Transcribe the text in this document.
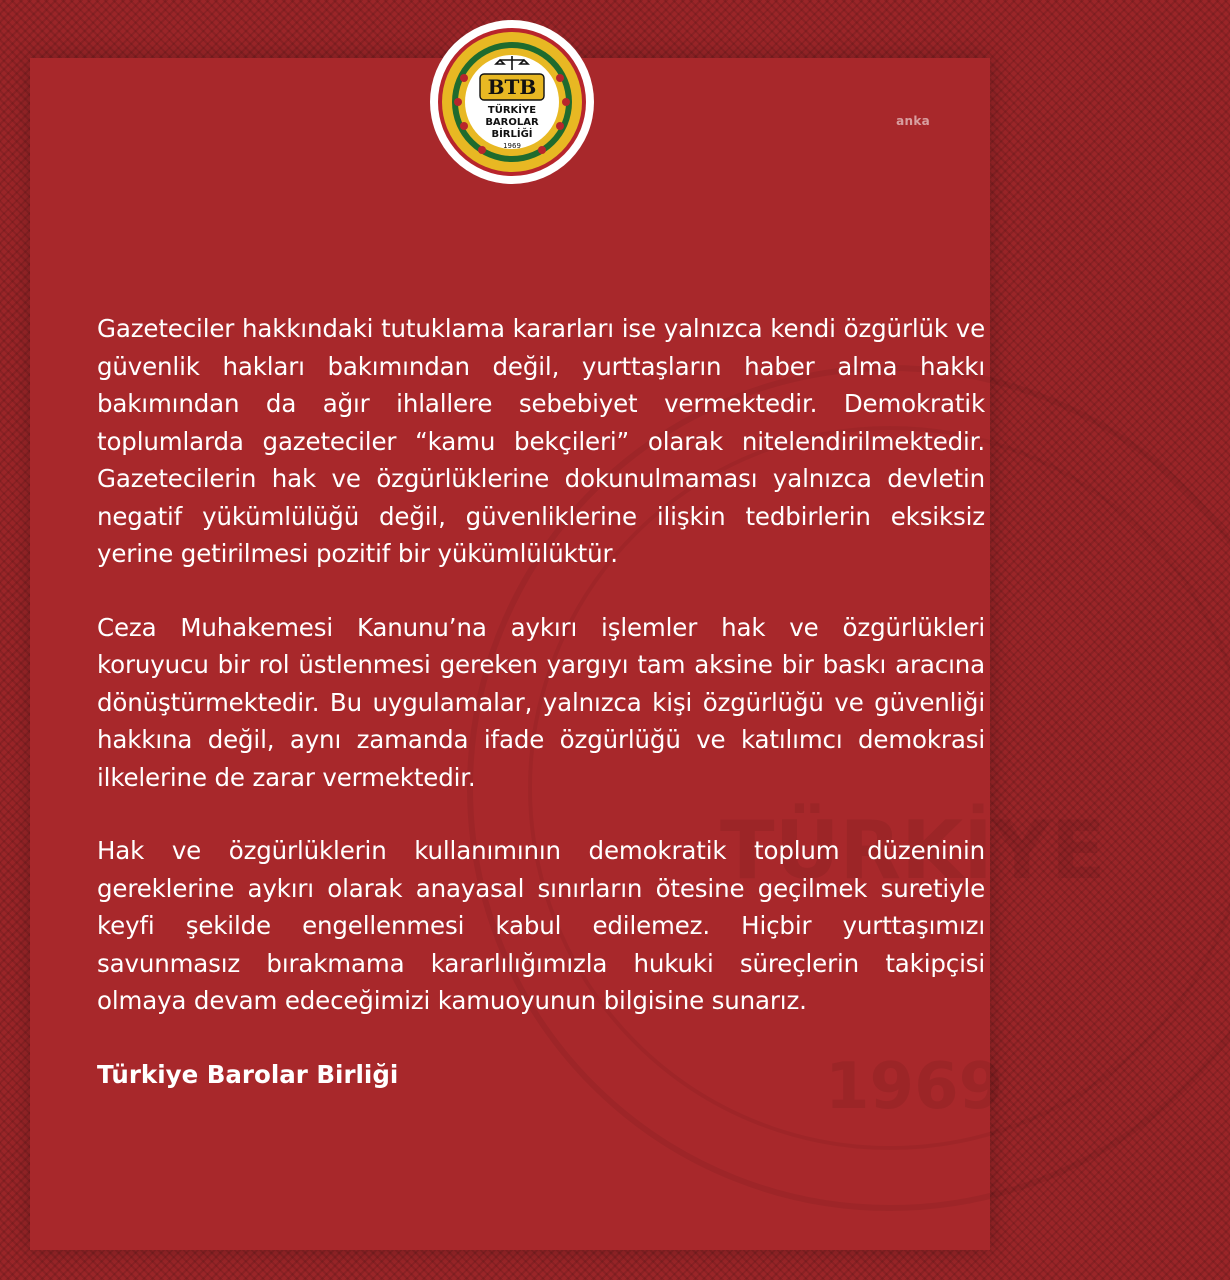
TÜRKİYE
1969
anka

Gazeteciler hakkındaki tutuklama kararları ise yalnızca kendi özgürlük ve güvenlik hakları bakımından değil, yurttaşların haber alma hakkı bakımından da ağır ihlallere sebebiyet vermektedir. Demokratik toplumlarda gazeteciler “kamu bekçileri” olarak nitelendirilmektedir. Gazetecilerin hak ve özgürlüklerine dokunulmaması yalnızca devletin negatif yükümlülüğü değil, güvenliklerine ilişkin tedbirlerin eksiksiz yerine getirilmesi pozitif bir yükümlülüktür.

Ceza Muhakemesi Kanunu’na aykırı işlemler hak ve özgürlükleri koruyucu bir rol üstlenmesi gereken yargıyı tam aksine bir baskı aracına dönüştürmektedir. Bu uygulamalar, yalnızca kişi özgürlüğü ve güvenliği hakkına değil, aynı zamanda ifade özgürlüğü ve katılımcı demokrasi ilkelerine de zarar vermektedir.

Hak ve özgürlüklerin kullanımının demokratik toplum düzeninin gereklerine aykırı olarak anayasal sınırların ötesine geçilmek suretiyle keyfi şekilde engellenmesi kabul edilemez. Hiçbir yurttaşımızı savunmasız bırakmama kararlılığımızla hukuki süreçlerin takipçisi olmaya devam edeceğimizi kamuoyunun bilgisine sunarız.

Türkiye Barolar Birliği
BTB
TÜRKİYE
BAROLAR
BİRLİĞİ
1969
